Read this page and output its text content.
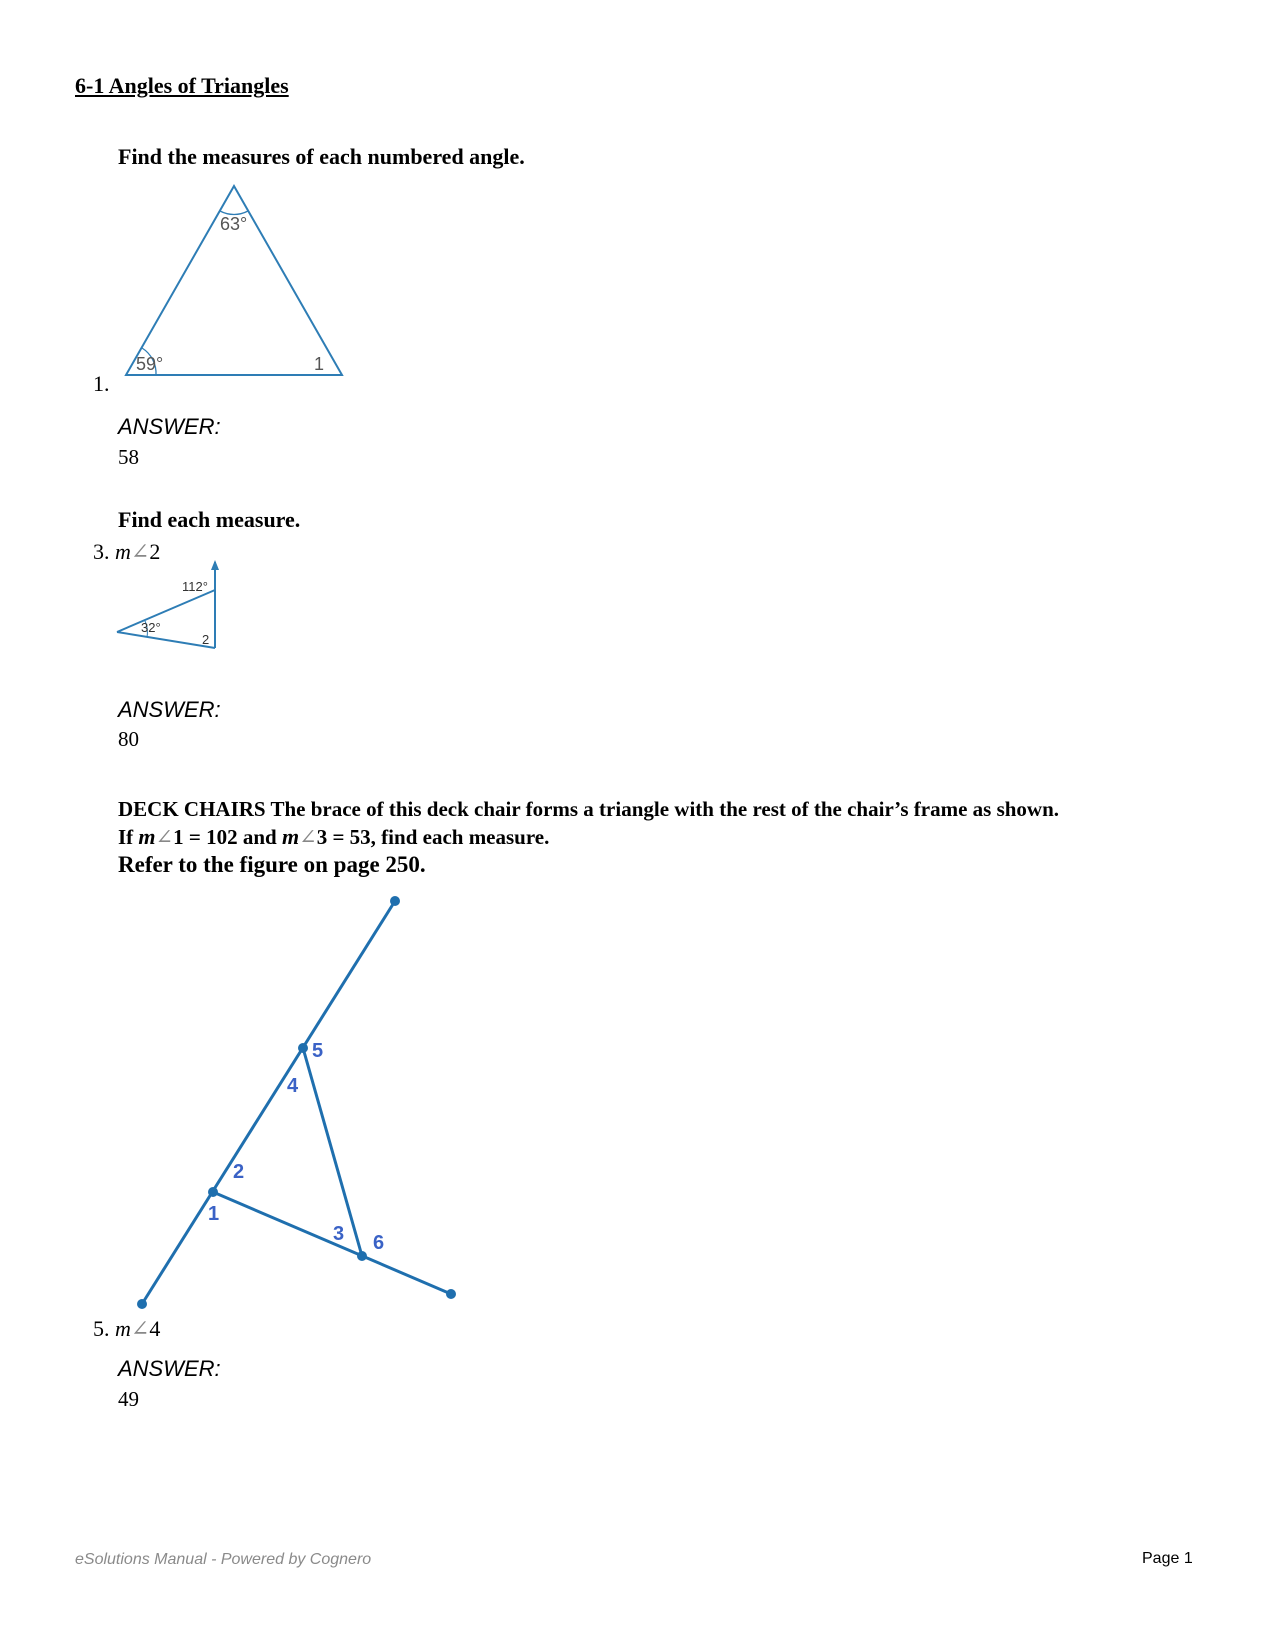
6-1 Angles of Triangles
Find the measures of each numbered angle.
63°
59°	1
1.
ANSWER:
58
Find each measure.
3. m∠2
112°
32°
2
ANSWER:
80
DECK CHAIRS The brace of this deck chair forms a triangle with the rest of the chair’s frame as shown.
If m∠1 = 102 and m∠3 = 53, find each measure.
Refer to the figure on page 250.
1
2
3
4
5
6
5. m∠4
ANSWER:
49
eSolutions Manual - Powered by Cognero	Page 1
